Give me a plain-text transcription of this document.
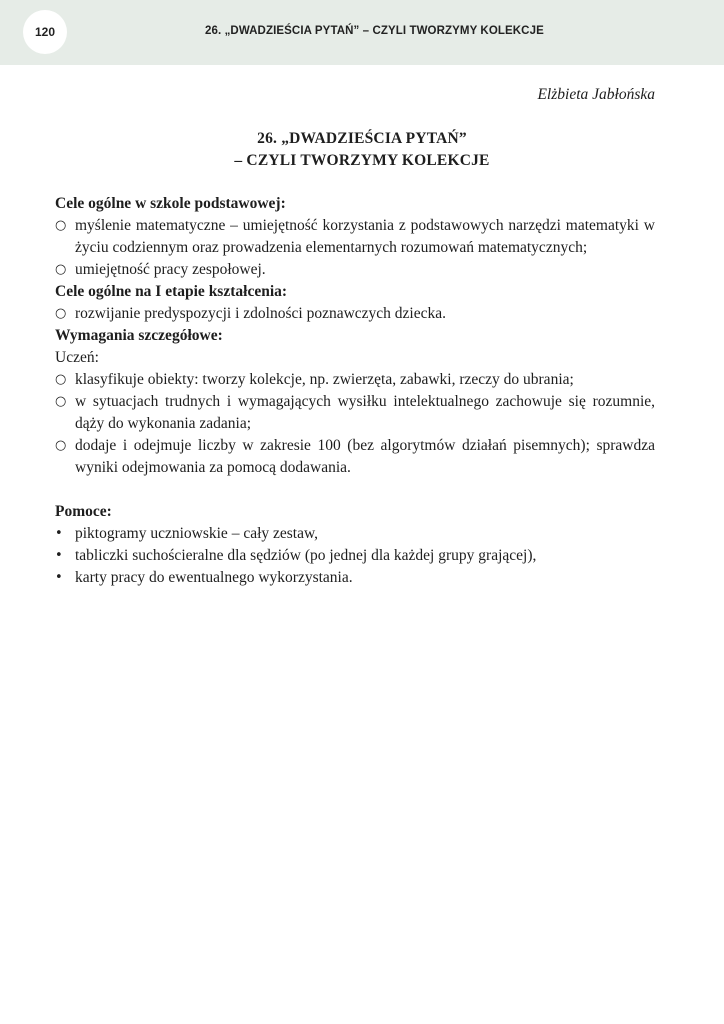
120	26. „DWADZIEŚCIA PYTAŃ” – CZYLI TWORZYMY KOLEKCJE
Elżbieta Jabłońska
26. „DWADZIEŚCIA PYTAŃ”
– CZYLI TWORZYMY KOLEKCJE
Cele ogólne w szkole podstawowej:
○ myślenie matematyczne – umiejętność korzystania z podstawowych narzędzi matematyki w życiu codziennym oraz prowadzenia elementarnych rozumowań matematycznych;
○ umiejętność pracy zespołowej.
Cele ogólne na I etapie kształcenia:
○ rozwijanie predyspozycji i zdolności poznawczych dziecka.
Wymagania szczegółowe:
Uczeń:
○ klasyfikuje obiekty: tworzy kolekcje, np. zwierzęta, zabawki, rzeczy do ubrania;
○ w sytuacjach trudnych i wymagających wysiłku intelektualnego zachowuje się rozumnie, dąży do wykonania zadania;
○ dodaje i odejmuje liczby w zakresie 100 (bez algorytmów działań pisemnych); sprawdza wyniki odejmowania za pomocą dodawania.
Pomoce:
• piktogramy uczniowskie – cały zestaw,
• tabliczki suchościeralne dla sędziów (po jednej dla każdej grupy grającej),
• karty pracy do ewentualnego wykorzystania.
